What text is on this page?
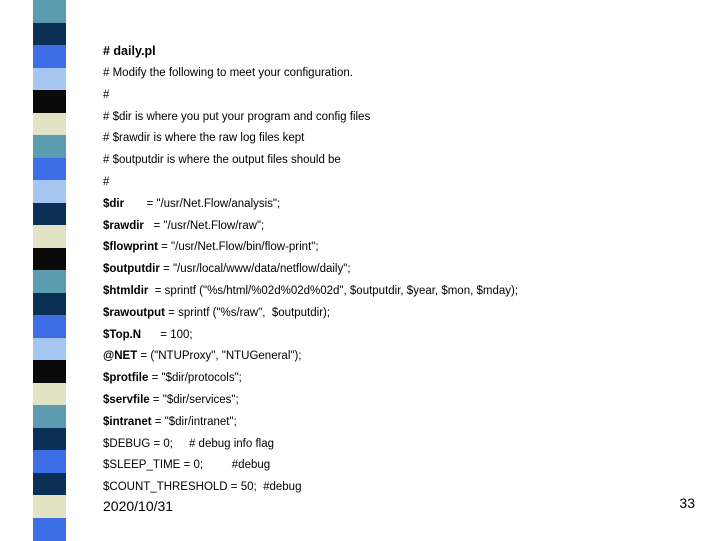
# daily.pl
# Modify the following to meet your configuration.
#
# $dir is where you put your program and config files
# $rawdir is where the raw log files kept
# $outputdir is where the output files should be
#
$dir       = "/usr/Net.Flow/analysis";
$rawdir   = "/usr/Net.Flow/raw";
$flowprint = "/usr/Net.Flow/bin/flow-print";
$outputdir = "/usr/local/www/data/netflow/daily";
$htmldir  = sprintf ("%s/html/%02d%02d%02d", $outputdir, $year, $mon, $mday);
$rawoutput = sprintf ("%s/raw",  $outputdir);
$Top.N      = 100;
@NET = ("NTUProxy", "NTUGeneral");
$protfile = "$dir/protocols";
$servfile = "$dir/services";
$intranet = "$dir/intranet";
$DEBUG = 0;     # debug info flag
$SLEEP_TIME = 0;         #debug
$COUNT_THRESHOLD = 50;  #debug
2020/10/31	33
